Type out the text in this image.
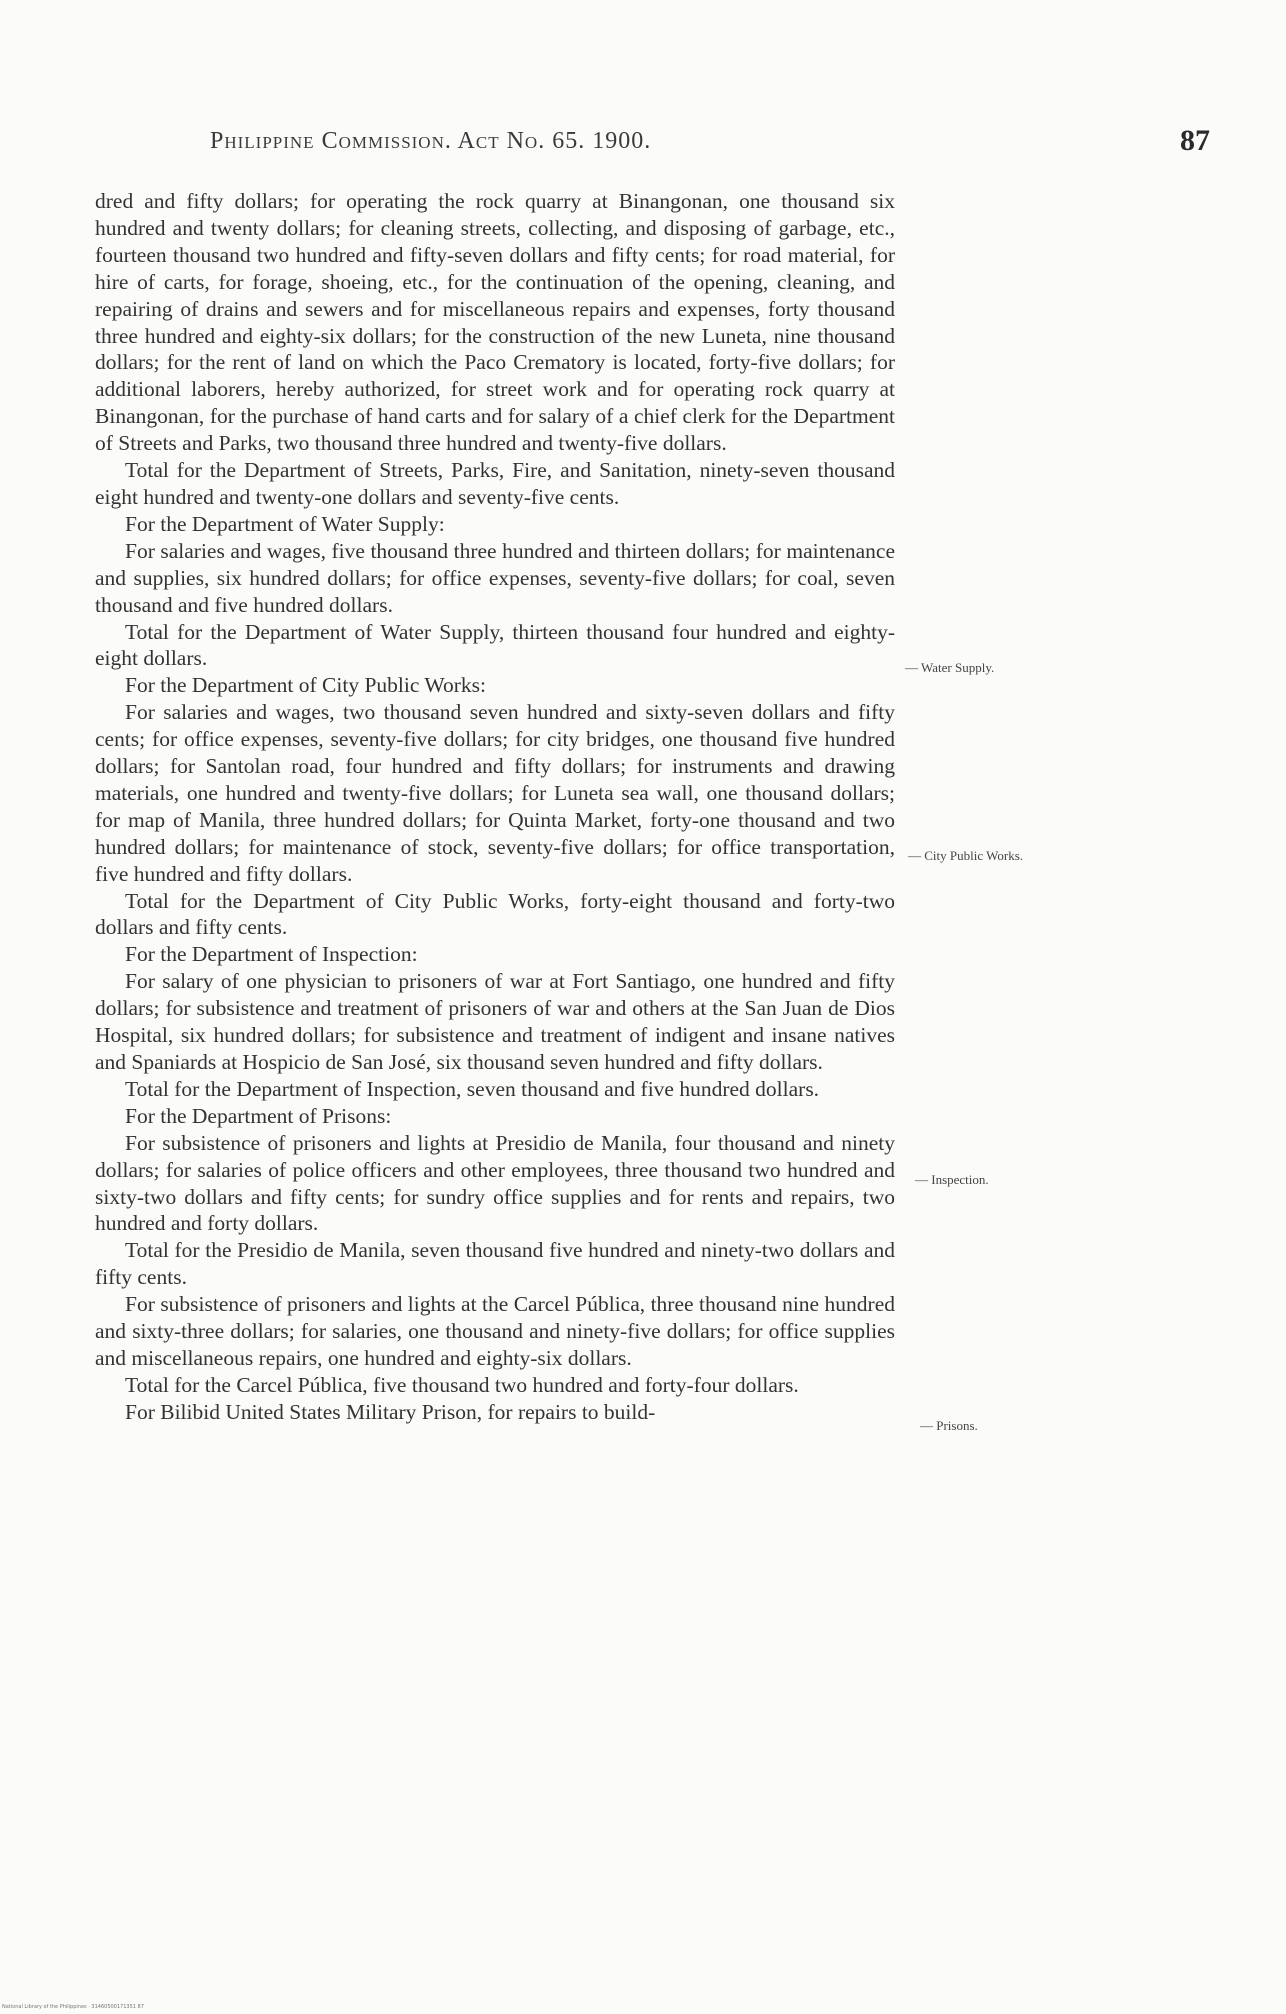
Philippine Commission. Act No. 65. 1900.	87

dred and fifty dollars; for operating the rock quarry at Binangonan, one thousand six hundred and twenty dollars; for cleaning streets, collecting, and disposing of garbage, etc., fourteen thousand two hundred and fifty-seven dollars and fifty cents; for road material, for hire of carts, for forage, shoeing, etc., for the continuation of the opening, cleaning, and repairing of drains and sewers and for miscellaneous repairs and expenses, forty thousand three hundred and eighty-six dollars; for the construction of the new Luneta, nine thousand dollars; for the rent of land on which the Paco Crematory is located, forty-five dollars; for additional laborers, hereby authorized, for street work and for operating rock quarry at Binangonan, for the purchase of hand carts and for salary of a chief clerk for the Department of Streets and Parks, two thousand three hundred and twenty-five dollars.

Total for the Department of Streets, Parks, Fire, and Sanitation, ninety-seven thousand eight hundred and twenty-one dollars and seventy-five cents.

For the Department of Water Supply:

For salaries and wages, five thousand three hundred and thirteen dollars; for maintenance and supplies, six hundred dollars; for office expenses, seventy-five dollars; for coal, seven thousand and five hundred dollars.

Total for the Department of Water Supply, thirteen thousand four hundred and eighty-eight dollars.

For the Department of City Public Works:

For salaries and wages, two thousand seven hundred and sixty-seven dollars and fifty cents; for office expenses, seventy-five dollars; for city bridges, one thousand five hundred dollars; for Santolan road, four hundred and fifty dollars; for instruments and drawing materials, one hundred and twenty-five dollars; for Luneta sea wall, one thousand dollars; for map of Manila, three hundred dollars; for Quinta Market, forty-one thousand and two hundred dollars; for maintenance of stock, seventy-five dollars; for office transportation, five hundred and fifty dollars.

Total for the Department of City Public Works, forty-eight thousand and forty-two dollars and fifty cents.

For the Department of Inspection:

For salary of one physician to prisoners of war at Fort Santiago, one hundred and fifty dollars; for subsistence and treatment of prisoners of war and others at the San Juan de Dios Hospital, six hundred dollars; for subsistence and treatment of indigent and insane natives and Spaniards at Hospicio de San José, six thousand seven hundred and fifty dollars.

Total for the Department of Inspection, seven thousand and five hundred dollars.

For the Department of Prisons:

For subsistence of prisoners and lights at Presidio de Manila, four thousand and ninety dollars; for salaries of police officers and other employees, three thousand two hundred and sixty-two dollars and fifty cents; for sundry office supplies and for rents and repairs, two hundred and forty dollars.

Total for the Presidio de Manila, seven thousand five hundred and ninety-two dollars and fifty cents.

For subsistence of prisoners and lights at the Carcel Pública, three thousand nine hundred and sixty-three dollars; for salaries, one thousand and ninety-five dollars; for office supplies and miscellaneous repairs, one hundred and eighty-six dollars.

Total for the Carcel Pública, five thousand two hundred and forty-four dollars.

For Bilibid United States Military Prison, for repairs to build-

— Water Supply.
— City Public Works.
— Inspection.
— Prisons.
National Library of the Philippines · 31460500171351 87
